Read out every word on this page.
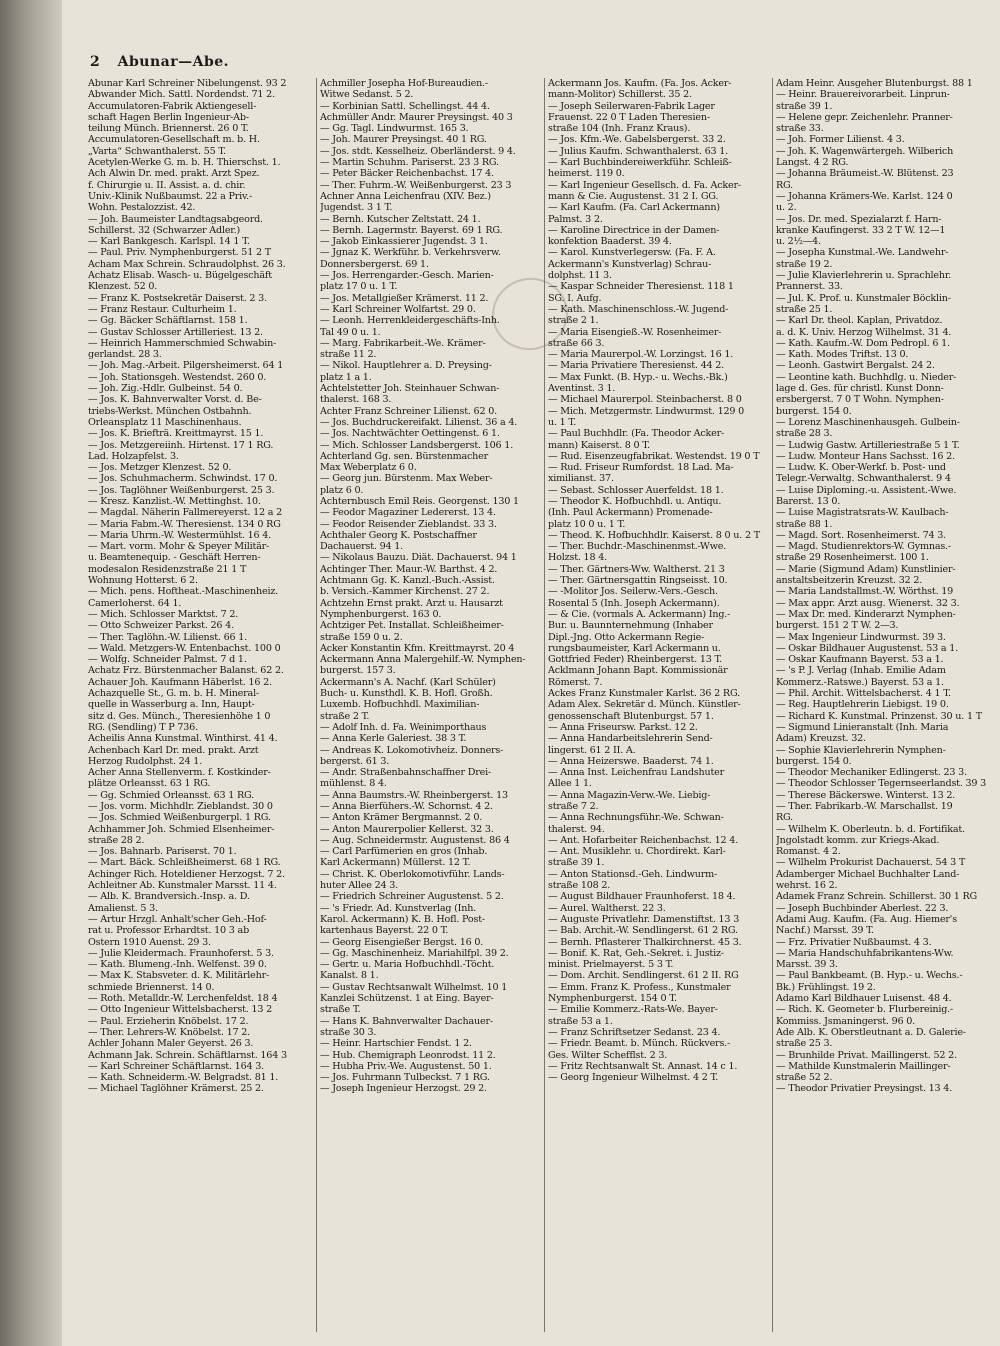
2 Abunar—Abe.
Abunar Karl Schreiner Nibelungenst. 93 2
Abwander Mich. Sattl. Nordendst. 71 2.
Accumulatoren-Fabrik Aktiengesell-
schaft Hagen Berlin Ingenieur-Ab-
teilung Münch. Briennerst. 26 0 T.
Accumulatoren-Gesellschaft m. b. H.
„Varta“ Schwanthalerst. 55 T.
Acetylen-Werke G. m. b. H. Thierschst. 1.
Ach Alwin Dr. med. prakt. Arzt Spez.
f. Chirurgie u. II. Assist. a. d. chir.
Univ.-Klinik Nußbaumst. 22 a Priv.-
Wohn. Pestalozzist. 42.
— Joh. Baumeister Landtagsabgeord.
Schillerst. 32 (Schwarzer Adler.)
— Karl Bankgesch. Karlspl. 14 1 T.
— Paul. Priv. Nymphenburgerst. 51 2 T
Acham Max Schrein. Schraudolphst. 26 3.
Achatz Elisab. Wasch- u. Bügelgeschäft
Klenzest. 52 0.
— Franz K. Postsekretär Daiserst. 2 3.
— Franz Restaur. Culturheim 1.
— Gg. Bäcker Schäftlarnst. 158 1.
— Gustav Schlosser Artilleriest. 13 2.
— Heinrich Hammerschmied Schwabin-
gerlandst. 28 3.
— Joh. Mag.-Arbeit. Pilgersheimerst. 64 1
— Joh. Stationsgeh. Westendst. 260 0.
— Joh. Zig.-Hdlr. Gulbeinst. 54 0.
— Jos. K. Bahnverwalter Vorst. d. Be-
triebs-Werkst. München Ostbahnh.
Orleansplatz 11 Maschinenhaus.
— Jos. K. Briefträ. Kreittmayrst. 15 1.
— Jos. Metzgereiinh. Hirtenst. 17 1 RG.
Lad. Holzapfelst. 3.
— Jos. Metzger Klenzest. 52 0.
— Jos. Schuhmacherm. Schwindst. 17 0.
— Jos. Taglöhner Weißenburgerst. 25 3.
— Kresz. Kanzlist.-W. Mettinghst. 10.
— Magdal. Näherin Fallmereyerst. 12 a 2
— Maria Fabm.-W. Theresienst. 134 0 RG
— Maria Uhrm.-W. Westermühlst. 16 4.
— Mart. vorm. Mohr & Speyer Militär-
u. Beamtenequip. - Geschäft Herren-
modesalon Residenzstraße 21 1 T
Wohnung Hotterst. 6 2.
— Mich. pens. Hoftheat.-Maschinenheiz.
Camerloherst. 64 1.
— Mich. Schlosser Marktst. 7 2.
— Otto Schweizer Parkst. 26 4.
— Ther. Taglöhn.-W. Lilienst. 66 1.
— Wald. Metzgers-W. Entenbachst. 100 0
— Wolfg. Schneider Palmst. 7 d 1.
Achatz Frz. Bürstenmacher Balanst. 62 2.
Achauer Joh. Kaufmann Häberlst. 16 2.
Achazquelle St., G. m. b. H. Mineral-
quelle in Wasserburg a. Inn, Haupt-
sitz d. Ges. Münch., Theresienhöhe 1 0
RG. (Sendling) T P 736.
Acheilis Anna Kunstmal. Winthirst. 41 4.
Achenbach Karl Dr. med. prakt. Arzt
Herzog Rudolphst. 24 1.
Acher Anna Stellenverm. f. Kostkinder-
plätze Orleansst. 63 1 RG.
— Gg. Schmied Orleansst. 63 1 RG.
— Jos. vorm. Michhdlr. Zieblandst. 30 0
— Jos. Schmied Weißenburgerpl. 1 RG.
Achhammer Joh. Schmied Elsenheimer-
straße 28 2.
— Jos. Bahnarb. Pariserst. 70 1.
— Mart. Bäck. Schleißheimerst. 68 1 RG.
Achinger Rich. Hoteldiener Herzogst. 7 2.
Achleitner Ab. Kunstmaler Marsst. 11 4.
— Alb. K. Brandversich.-Insp. a. D.
Amalienst. 5 3.
— Artur Hrzgl. Anhalt'scher Geh.-Hof-
rat u. Professor Erhardtst. 10 3 ab
Ostern 1910 Auenst. 29 3.
— Julie Kleidermach. Fraunhoferst. 5 3.
— Kath. Blumeng.-Inh. Welfenst. 39 0.
— Max K. Stabsveter. d. K. Militärlehr-
schmiede Briennerst. 14 0.
— Roth. Metalldr.-W. Lerchenfeldst. 18 4
— Otto Ingenieur Wittelsbacherst. 13 2
— Paul. Erzieherin Knöbelst. 17 2.
— Ther. Lehrers-W. Knöbelst. 17 2.
Achler Johann Maler Geyerst. 26 3.
Achmann Jak. Schrein. Schäftlarnst. 164 3
— Karl Schreiner Schäftlarnst. 164 3.
— Kath. Schneiderm.-W. Belgradst. 81 1.
— Michael Taglöhner Krämerst. 25 2.
Achmiller Josepha Hof-Bureaudien.-
Witwe Sedanst. 5 2.
— Korbinian Sattl. Schellingst. 44 4.
Achmüller Andr. Maurer Preysingst. 40 3
— Gg. Tagl. Lindwurmst. 165 3.
— Joh. Maurer Preysingst. 40 1 RG.
— Jos. stdt. Kesselheiz. Oberländerst. 9 4.
— Martin Schuhm. Pariserst. 23 3 RG.
— Peter Bäcker Reichenbachst. 17 4.
— Ther. Fuhrm.-W. Weißenburgerst. 23 3
Achner Anna Leichenfrau (XIV. Bez.)
Jugendst. 3 1 T.
— Bernh. Kutscher Zeltstatt. 24 1.
— Bernh. Lagermstr. Bayerst. 69 1 RG.
— Jakob Einkassierer Jugendst. 3 1.
— Jgnaz K. Werkführ. b. Verkehrsverw.
Donnersbergerst. 69 1.
— Jos. Herrengarder.-Gesch. Marien-
platz 17 0 u. 1 T.
— Jos. Metallgießer Krämerst. 11 2.
— Karl Schreiner Wolfartst. 29 0.
— Leonh. Herrenkleidergeschäfts-Inh.
Tal 49 0 u. 1.
— Marg. Fabrikarbeit.-We. Krämer-
straße 11 2.
— Nikol. Hauptlehrer a. D. Preysing-
platz 1 a 1.
Achtelstetter Joh. Steinhauer Schwan-
thalerst. 168 3.
Achter Franz Schreiner Lilienst. 62 0.
— Jos. Buchdruckereifakt. Lilienst. 36 a 4.
— Jos. Nachtwächter Oettingenst. 6 1.
— Mich. Schlosser Landsbergerst. 106 1.
Achterland Gg. sen. Bürstenmacher
Max Weberplatz 6 0.
— Georg jun. Bürstenm. Max Weber-
platz 6 0.
Achternbusch Emil Reis. Georgenst. 130 1
— Feodor Magaziner Ledererst. 13 4.
— Feodor Reisender Zieblandst. 33 3.
Achthaler Georg K. Postschaffner
Dachauerst. 94 1.
— Nikolaus Bauzu. Diät. Dachauerst. 94 1
Achtinger Ther. Maur.-W. Barthst. 4 2.
Achtmann Gg. K. Kanzl.-Buch.-Assist.
b. Versich.-Kammer Kirchenst. 27 2.
Achtzehn Ernst prakt. Arzt u. Hausarzt
Nymphenburgerst. 163 0.
Achtziger Pet. Installat. Schleißheimer-
straße 159 0 u. 2.
Acker Konstantin Kfm. Kreittmayrst. 20 4
Ackermann Anna Malergehilf.-W. Nymphen-
burgerst. 157 3.
Ackermann's A. Nachf. (Karl Schüler)
Buch- u. Kunsthdl. K. B. Hofl. Großh.
Luxemb. Hofbuchhdl. Maximilian-
straße 2 T.
— Adolf Inh. d. Fa. Weinimporthaus
— Anna Kerle Galeriest. 38 3 T.
— Andreas K. Lokomotivheiz. Donners-
bergerst. 61 3.
— Andr. Straßenbahnschaffner Drei-
mühlenst. 8 4.
— Anna Baumstrs.-W. Rheinbergerst. 13
— Anna Bierfühers.-W. Schornst. 4 2.
— Anton Krämer Bergmannst. 2 0.
— Anton Maurerpolier Kellerst. 32 3.
— Aug. Schneidermstr. Augustenst. 86 4
— Carl Parfümerien en gros (Inhab.
Karl Ackermann) Müllerst. 12 T.
— Christ. K. Oberlokomotivführ. Lands-
huter Allee 24 3.
— Friedrich Schreiner Augustenst. 5 2.
— 's Friedr. Ad. Kunstverlag (Inh.
Karol. Ackermann) K. B. Hofl. Post-
kartenhaus Bayerst. 22 0 T.
— Georg Eisengießer Bergst. 16 0.
— Gg. Maschinenheiz. Mariahilfpl. 39 2.
— Gertr. u. Maria Hofbuchhdl.-Töcht.
Kanalst. 8 1.
— Gustav Rechtsanwalt Wilhelmst. 10 1
Kanzlei Schützenst. 1 at Eing. Bayer-
straße T.
— Hans K. Bahnverwalter Dachauer-
straße 30 3.
— Heinr. Hartschier Fendst. 1 2.
— Hub. Chemigraph Leonrodst. 11 2.
— Hubha Priv.-We. Augustenst. 50 1.
— Jos. Fuhrmann Tulbeckst. 7 1 RG.
— Joseph Ingenieur Herzogst. 29 2.
Ackermann Jos. Kaufm. (Fa. Jos. Acker-
mann-Molitor) Schillerst. 35 2.
— Joseph Seilerwaren-Fabrik Lager
Frauenst. 22 0 T Laden Theresien-
straße 104 (Inh. Franz Kraus).
— Jos. Kfm.-We. Gabelsbergerst. 33 2.
— Julius Kaufm. Schwanthalerst. 63 1.
— Karl Buchbindereiwerkführ. Schleiß-
heimerst. 119 0.
— Karl Ingenieur Gesellsch. d. Fa. Acker-
mann & Cie. Augustenst. 31 2 I. GG.
— Karl Kaufm. (Fa. Carl Ackermann)
Palmst. 3 2.
— Karoline Directrice in der Damen-
konfektion Baaderst. 39 4.
— Karol. Kunstverlegersw. (Fa. F. A.
Ackermann's Kunstverlag) Schrau-
dolphst. 11 3.
— Kaspar Schneider Theresienst. 118 1
SG. I. Aufg.
— Kath. Maschinenschloss.-W. Jugend-
straße 2 1.
— Maria Eisengieß.-W. Rosenheimer-
straße 66 3.
— Maria Maurerpol.-W. Lorzingst. 16 1.
— Maria Privatiere Theresienst. 44 2.
— Max Funkt. (B. Hyp.- u. Wechs.-Bk.)
Aventinst. 3 1.
— Michael Maurerpol. Steinbacherst. 8 0
— Mich. Metzgermstr. Lindwurmst. 129 0
u. 1 T.
— Paul Buchhdlr. (Fa. Theodor Acker-
mann) Kaiserst. 8 0 T.
— Rud. Eisenzeugfabrikat. Westendst. 19 0 T
— Rud. Friseur Rumfordst. 18 Lad. Ma-
ximilianst. 37.
— Sebast. Schlosser Auerfeldst. 18 1.
— Theodor K. Hofbuchhdl. u. Antiqu.
(Inh. Paul Ackermann) Promenade-
platz 10 0 u. 1 T.
— Theod. K. Hofbuchhdlr. Kaiserst. 8 0 u. 2 T
— Ther. Buchdr.-Maschinenmst.-Wwe.
Holzst. 18 4.
— Ther. Gärtners-Ww. Waltherst. 21 3
— Ther. Gärtnersgattin Ringseisst. 10.
— -Molitor Jos. Seilerw.-Vers.-Gesch.
Rosental 5 (Inh. Joseph Ackermann).
— & Cie. (vormals A. Ackermann) Ing.-
Bur. u. Baunnternehmung (Inhaber
Dipl.-Jng. Otto Ackermann Regie-
rungsbaumeister, Karl Ackermann u.
Gottfried Feder) Rheinbergerst. 13 T.
Acklmann Johann Bapt. Kommissionär
Römerst. 7.
Ackes Franz Kunstmaler Karlst. 36 2 RG.
Adam Alex. Sekretär d. Münch. Künstler-
genossenschaft Blutenburgst. 57 1.
— Anna Friseursw. Parkst. 12 2.
— Anna Handarbeitslehrerin Send-
lingerst. 61 2 II. A.
— Anna Heizerswe. Baaderst. 74 1.
— Anna Inst. Leichenfrau Landshuter
Allee 1 1.
— Anna Magazin-Verw.-We. Liebig-
straße 7 2.
— Anna Rechnungsführ.-We. Schwan-
thalerst. 94.
— Ant. Hofarbeiter Reichenbachst. 12 4.
— Ant. Musiklehr. u. Chordirekt. Karl-
straße 39 1.
— Anton Stationsd.-Geh. Lindwurm-
straße 108 2.
— August Bildhauer Fraunhoferst. 18 4.
— Aurel. Waltherst. 22 3.
— Auguste Privatlehr. Damenstiftst. 13 3
— Bab. Archit.-W. Sendlingerst. 61 2 RG.
— Bernh. Pflasterer Thalkirchnerst. 45 3.
— Bonif. K. Rat, Geh.-Sekret. i. Justiz-
minist. Prielmayerst. 5 3 T.
— Dom. Archit. Sendlingerst. 61 2 II. RG
— Emm. Franz K. Profess., Kunstmaler
Nymphenburgerst. 154 0 T.
— Emilie Kommerz.-Rats-We. Bayer-
straße 53 a 1.
— Franz Schriftsetzer Sedanst. 23 4.
— Friedr. Beamt. b. Münch. Rückvers.-
Ges. Wilter Schefflst. 2 3.
— Fritz Rechtsanwalt St. Annast. 14 c 1.
— Georg Ingenieur Wilhelmst. 4 2 T.
Adam Heinr. Ausgeher Blutenburgst. 88 1
— Heinr. Brauereivorarbeit. Linprun-
straße 39 1.
— Helene gepr. Zeichenlehr. Pranner-
straße 33.
— Joh. Former Lilienst. 4 3.
— Joh. K. Wagenwärtergeh. Wilberich
Langst. 4 2 RG.
— Johanna Bräumeist.-W. Blütenst. 23
RG.
— Johanna Krämers-We. Karlst. 124 0
u. 2.
— Jos. Dr. med. Spezialarzt f. Harn-
kranke Kaufingerst. 33 2 T W. 12—1
u. 2½—4.
— Josepha Kunstmal.-We. Landwehr-
straße 19 2.
— Julie Klavierlehrerin u. Sprachlehr.
Prannerst. 33.
— Jul. K. Prof. u. Kunstmaler Böcklin-
straße 25 1.
— Karl Dr. theol. Kaplan, Privatdoz.
a. d. K. Univ. Herzog Wilhelmst. 31 4.
— Kath. Kaufm.-W. Dom Pedropl. 6 1.
— Kath. Modes Triftst. 13 0.
— Leonh. Gastwirt Bergalst. 24 2.
— Leontine kath. Buchhdlg. u. Nieder-
lage d. Ges. für christl. Kunst Donn-
ersbergerst. 7 0 T Wohn. Nymphen-
burgerst. 154 0.
— Lorenz Maschinenhausgeh. Gulbein-
straße 28 3.
— Ludwig Gastw. Artilleriestraße 5 1 T.
— Ludw. Monteur Hans Sachsst. 16 2.
— Ludw. K. Ober-Werkf. b. Post- und
Telegr.-Verwaltg. Schwanthalerst. 9 4
— Luise Diploming.-u. Assistent.-Wwe.
Barerst. 13 0.
— Luise Magistratsrats-W. Kaulbach-
straße 88 1.
— Magd. Sort. Rosenheimerst. 74 3.
— Magd. Studienrektors-W. Gymnas.-
straße 29 Rosenheimerst. 100 1.
— Marie (Sigmund Adam) Kunstlinier-
anstaltsbeitzerin Kreuzst. 32 2.
— Maria Landstallmst.-W. Wörthst. 19
— Max appr. Arzt ausg. Wienerst. 32 3.
— Max Dr. med. Kinderarzt Nymphen-
burgerst. 151 2 T W. 2—3.
— Max Ingenieur Lindwurmst. 39 3.
— Oskar Bildhauer Augustenst. 53 a 1.
— Oskar Kaufmann Bayerst. 53 a 1.
— 's P. J. Verlag (Inhab. Emilie Adam
Kommerz.-Ratswe.) Bayerst. 53 a 1.
— Phil. Archit. Wittelsbacherst. 4 1 T.
— Reg. Hauptlehrerin Liebigst. 19 0.
— Richard K. Kunstmal. Prinzenst. 30 u. 1 T
— Sigmund Linieranstalt (Inh. Maria
Adam) Kreuzst. 32.
— Sophie Klavierlehrerin Nymphen-
burgerst. 154 0.
— Theodor Mechaniker Edlingerst. 23 3.
— Theodor Schlosser Tegernseerlandst. 39 3
— Therese Bäckerswe. Winterst. 13 2.
— Ther. Fabrikarb.-W. Marschallst. 19
RG.
— Wilhelm K. Oberleutn. b. d. Fortifikat.
Jngolstadt komm. zur Kriegs-Akad.
Romanst. 4 2.
— Wilhelm Prokurist Dachauerst. 54 3 T
Adamberger Michael Buchhalter Land-
wehrst. 16 2.
Adamek Franz Schrein. Schillerst. 30 1 RG
— Joseph Buchbinder Aberlest. 22 3.
Adami Aug. Kaufm. (Fa. Aug. Hiemer's
Nachf.) Marsst. 39 T.
— Frz. Privatier Nußbaumst. 4 3.
— Maria Handschuhfabrikantens-Ww.
Marsst. 39 3.
— Paul Bankbeamt. (B. Hyp.- u. Wechs.-
Bk.) Frühlingst. 19 2.
Adamo Karl Bildhauer Luisenst. 48 4.
— Rich. K. Geometer b. Flurbereinig.-
Kommiss. Jsmaningerst. 96 0.
Ade Alb. K. Oberstleutnant a. D. Galerie-
straße 25 3.
— Brunhilde Privat. Maillingerst. 52 2.
— Mathilde Kunstmalerin Maillinger-
straße 52 2.
— Theodor Privatier Preysingst. 13 4.
